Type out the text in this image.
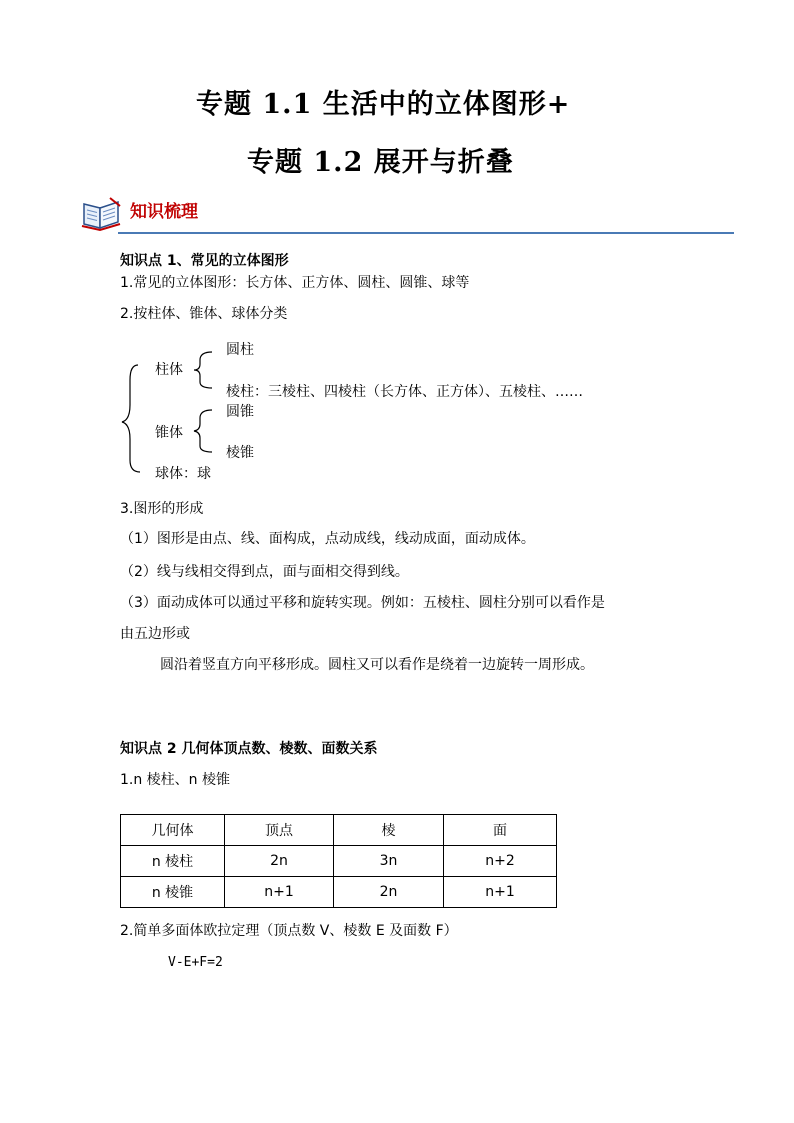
专题 1.1 生活中的立体图形+
专题 1.2 展开与折叠
知识梳理
知识点 1、常见的立体图形
1.常见的立体图形：长方体、正方体、圆柱、圆锥、球等
2.按柱体、锥体、球体分类
柱体
圆柱
棱柱：三棱柱、四棱柱（长方体、正方体）、五棱柱、……
锥体
圆锥
棱锥
球体：球
3.图形的形成
（1）图形是由点、线、面构成，点动成线，线动成面，面动成体。
（2）线与线相交得到点，面与面相交得到线。
（3）面动成体可以通过平移和旋转实现。例如：五棱柱、圆柱分别可以看作是
由五边形或
圆沿着竖直方向平移形成。圆柱又可以看作是绕着一边旋转一周形成。
知识点 2 几何体顶点数、棱数、面数关系
1.n 棱柱、n 棱锥
几何体	顶点	棱	面
n 棱柱	2n	3n	n+2
n 棱锥	n+1	2n	n+1
2.简单多面体欧拉定理（顶点数 V、棱数 E 及面数 F）
V-E+F=2
